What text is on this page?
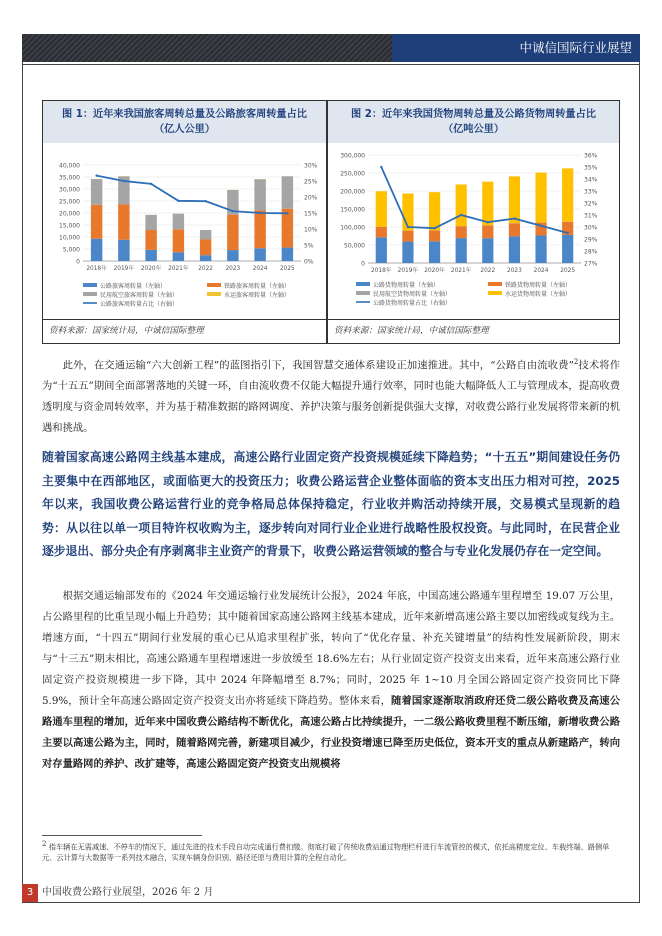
中诚信国际行业展望
图 1：近年来我国旅客周转总量及公路旅客周转量占比
（亿人公里）
0
5,000
10,000
15,000
20,000
25,000
30,000
35,000
40,000
0%
5%
10%
15%
20%
25%
30%
2018年 2019年 2020年 2021年 2022 2023 2024 2025
公路旅客周转量（左轴）	铁路旅客周转量（左轴）
民用航空旅客周转量（左轴）	水运旅客周转量（左轴）
公路旅客周转量占比（右轴）
资料来源：国家统计局，中诚信国际整理
图 2：近年来我国货物周转总量及公路货物周转量占比
（亿吨公里）
0
50,000
100,000
150,000
200,000
250,000
300,000
27%
28%
29%
30%
31%
32%
33%
34%
35%
36%
2018年 2019年 2020年 2021年 2022 2023 2024 2025
公路货物周转量（左轴）	铁路货物周转量（左轴）
民用航空货物周转量（左轴）	水运货物周转量（左轴）
公路货物周转量占比（右轴）
资料来源：国家统计局，中诚信国际整理
此外，在交通运输“六大创新工程”的蓝图指引下，我国智慧交通体系建设正加速推进。其中，“公路自由流收费”$^2$技术将作为“十五五”期间全面部署落地的关键一环，自由流收费不仅能大幅提升通行效率，同时也能大幅降低人工与管理成本，提高收费透明度与资金周转效率，并为基于精准数据的路网调度、养护决策与服务创新提供强大支撑，对收费公路行业发展将带来新的机遇和挑战。
随着国家高速公路网主线基本建成，高速公路行业固定资产投资规模延续下降趋势；“十五五”期间建设任务仍主要集中在西部地区，或面临更大的投资压力；收费公路运营企业整体面临的资本支出压力相对可控，2025 年以来，我国收费公路运营行业的竞争格局总体保持稳定，行业收并购活动持续开展，交易模式呈现新的趋势：从以往以单一项目特许权收购为主，逐步转向对同行业企业进行战略性股权投资。与此同时，在民营企业逐步退出、部分央企有序剥离非主业资产的背景下，收费公路运营领域的整合与专业化发展仍存在一定空间。
根据交通运输部发布的《2024 年交通运输行业发展统计公报》，2024 年底，中国高速公路通车里程增至 19.07 万公里，占公路里程的比重呈现小幅上升趋势；其中随着国家高速公路网主线基本建成，近年来新增高速公路主要以加密线或复线为主。增速方面，“十四五”期间行业发展的重心已从追求里程扩张，转向了“优化存量、补充关键增量”的结构性发展新阶段，期末与“十三五”期末相比，高速公路通车里程增速进一步放缓至 18.6%左右；从行业固定资产投资支出来看，近年来高速公路行业固定资产投资规模进一步下降，其中 2024 年降幅增至 8.7%；同时，2025 年 1~10 月全国公路固定资产投资同比下降 5.9%，预计全年高速公路固定资产投资支出亦将延续下降趋势。整体来看，随着国家逐渐取消政府还贷二级公路收费及高速公路通车里程的增加，近年来中国收费公路结构不断优化，高速公路占比持续提升，一二级公路收费里程不断压缩，新增收费公路主要以高速公路为主，同时，随着路网完善，新建项目减少，行业投资增速已降至历史低位，资本开支的重点从新建路产，转向对存量路网的养护、改扩建等，高速公路固定资产投资支出规模将
$^2$ 指车辆在无需减速、不停车的情况下，通过先进的技术手段自动完成通行费扣缴。彻底打破了传统收费站通过物理栏杆进行车流管控的模式，依托高精度定位、车载终端、路侧单元、云计算与大数据等一系列技术融合，实现车辆身份识别、路径还原与费用计算的全程自动化。
3 中国收费公路行业展望，2026 年 2 月
